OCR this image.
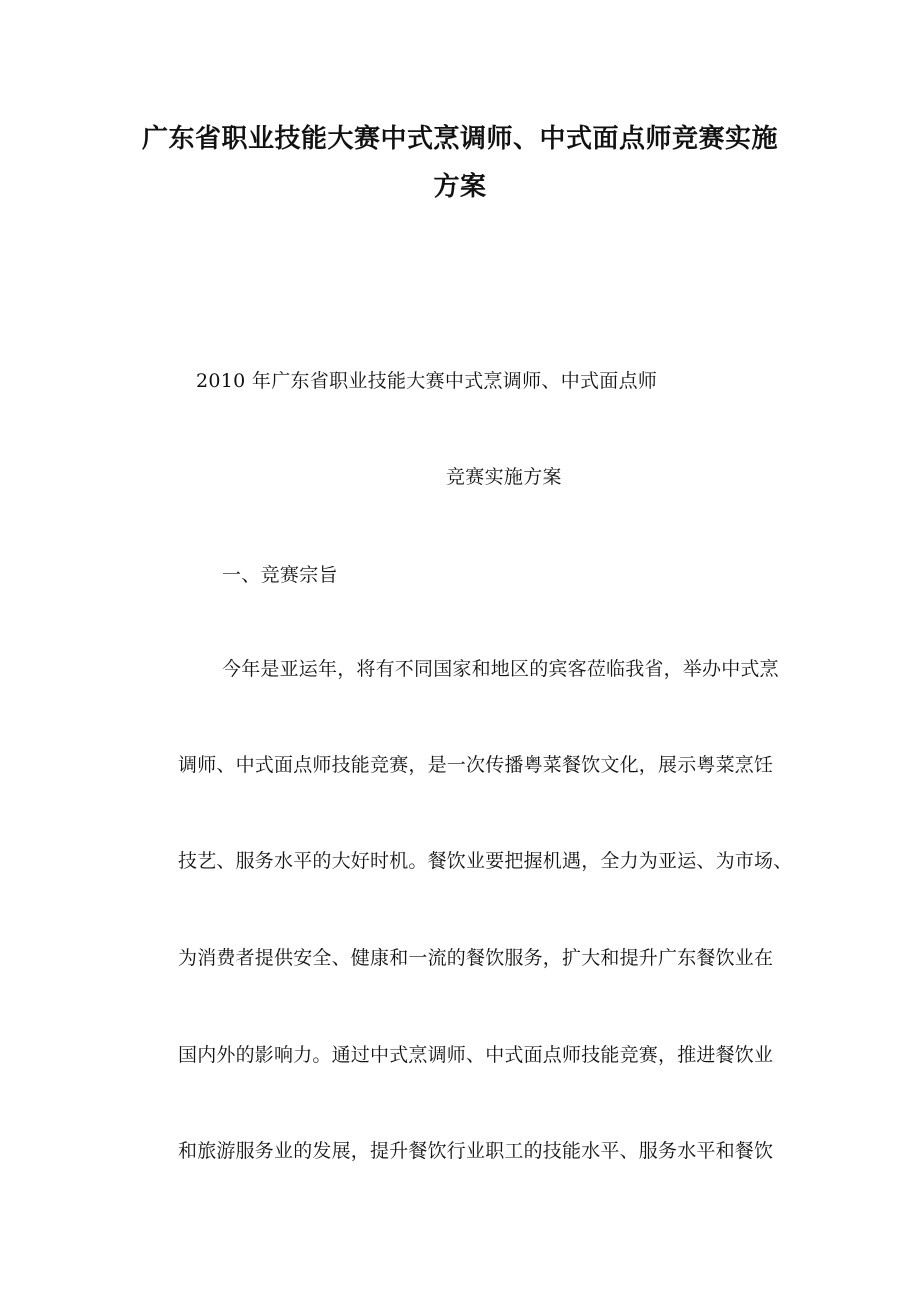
广东省职业技能大赛中式烹调师、中式面点师竞赛实施
方案
2010 年广东省职业技能大赛中式烹调师、中式面点师
竞赛实施方案
一、竞赛宗旨
今年是亚运年，将有不同国家和地区的宾客莅临我省，举办中式烹
调师、中式面点师技能竞赛，是一次传播粤菜餐饮文化，展示粤菜烹饪
技艺、服务水平的大好时机。餐饮业要把握机遇，全力为亚运、为市场、
为消费者提供安全、健康和一流的餐饮服务，扩大和提升广东餐饮业在
国内外的影响力。通过中式烹调师、中式面点师技能竞赛，推进餐饮业
和旅游服务业的发展，提升餐饮行业职工的技能水平、服务水平和餐饮
